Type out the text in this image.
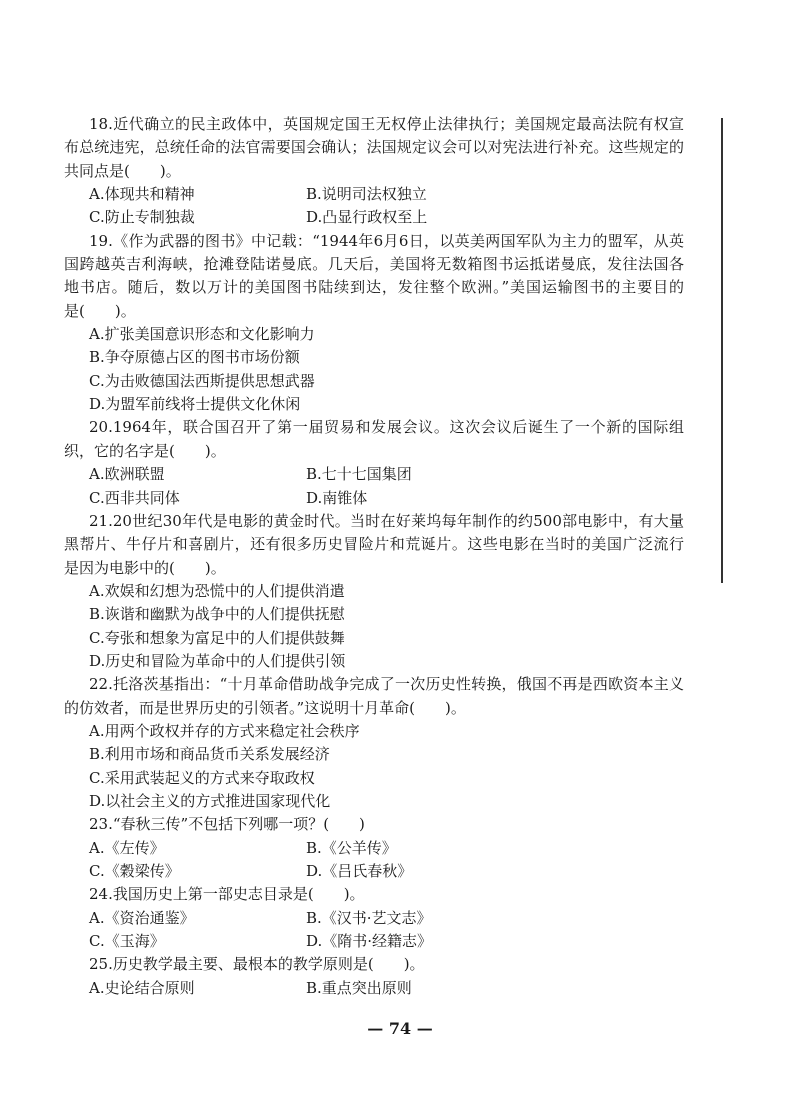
18.近代确立的民主政体中，英国规定国王无权停止法律执行；美国规定最高法院有权宣
布总统违宪，总统任命的法官需要国会确认；法国规定议会可以对宪法进行补充。这些规定的
共同点是(　　)。
A.体现共和精神	B.说明司法权独立
C.防止专制独裁	D.凸显行政权至上
19.《作为武器的图书》中记载：“1944年6月6日，以英美两国军队为主力的盟军，从英
国跨越英吉利海峡，抢滩登陆诺曼底。几天后，美国将无数箱图书运抵诺曼底，发往法国各
地书店。随后，数以万计的美国图书陆续到达，发往整个欧洲。”美国运输图书的主要目的
是(　　)。
A.扩张美国意识形态和文化影响力
B.争夺原德占区的图书市场份额
C.为击败德国法西斯提供思想武器
D.为盟军前线将士提供文化休闲
20.1964年，联合国召开了第一届贸易和发展会议。这次会议后诞生了一个新的国际组
织，它的名字是(　　)。
A.欧洲联盟	B.七十七国集团
C.西非共同体	D.南锥体
21.20世纪30年代是电影的黄金时代。当时在好莱坞每年制作的约500部电影中，有大量
黑帮片、牛仔片和喜剧片，还有很多历史冒险片和荒诞片。这些电影在当时的美国广泛流行
是因为电影中的(　　)。
A.欢娱和幻想为恐慌中的人们提供消遣
B.诙谐和幽默为战争中的人们提供抚慰
C.夸张和想象为富足中的人们提供鼓舞
D.历史和冒险为革命中的人们提供引领
22.托洛茨基指出：“十月革命借助战争完成了一次历史性转换，俄国不再是西欧资本主义
的仿效者，而是世界历史的引领者。”这说明十月革命(　　)。
A.用两个政权并存的方式来稳定社会秩序
B.利用市场和商品货币关系发展经济
C.采用武装起义的方式来夺取政权
D.以社会主义的方式推进国家现代化
23.“春秋三传”不包括下列哪一项？(　　)
A.《左传》	B.《公羊传》
C.《穀梁传》	D.《吕氏春秋》
24.我国历史上第一部史志目录是(　　)。
A.《资治通鉴》	B.《汉书·艺文志》
C.《玉海》	D.《隋书·经籍志》
25.历史教学最主要、最根本的教学原则是(　　)。
A.史论结合原则	B.重点突出原则
— 74 —
